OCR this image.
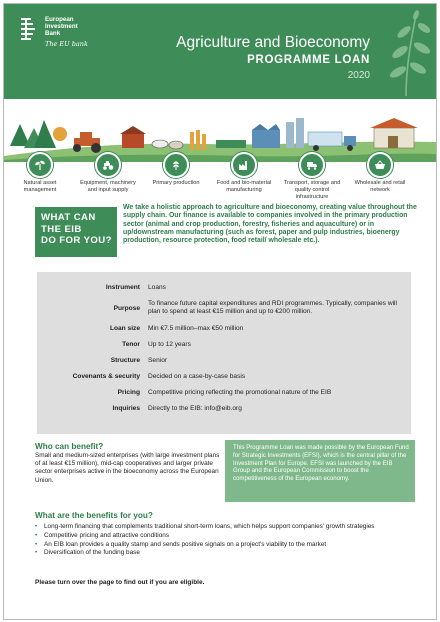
European
Investment
Bank
The EU bank	Agriculture and Bioeconomy
PROGRAMME LOAN
2020
Natural asset management
Equipment, machinery and input supply
Primary production	Food and bio-material manufacturing
Transport, storage and quality control infrastructure
Wholesale and retail network
WHAT CAN
THE EIB
DO FOR YOU?
We take a holistic approach to agriculture and bioeconomy, creating value throughout the supply chain. Our finance is available to companies involved in the primary production sector (animal and crop production, forestry, fisheries and aquaculture) or in up/downstream manufacturing (such as forest, paper and pulp industries, bioenergy production, resource protection, food retail/ wholesale etc.).
Instrument Loans
Purpose
To finance future capital expenditures and RDI programmes. Typically, companies will plan to spend at least €15 million and up to €200 million.
Loan size Min €7.5 million–max €50 million
Tenor Up to 12 years
Structure Senior
Covenants & security Decided on a case-by-case basis
Pricing Competitive pricing reflecting the promotional nature of the EIB
Inquiries Directly to the EIB: info@eib.org
Who can benefit?
Small and medium-sized enterprises (with large investment plans of at least €15 million), mid-cap cooperatives and larger private sector enterprises active in the bioeconomy across the European Union.
This Programme Loan was made possible by the European Fund for Strategic Investments (EFSI), which is the central pillar of the Investment Plan for Europe. EFSI was launched by the EIB Group and the European Commission to boost the competitiveness of the European economy.
What are the benefits for you?
• Long-term financing that complements traditional short-term loans, which helps support companies' growth strategies
• Competitive pricing and attractive conditions
• An EIB loan provides a quality stamp and sends positive signals on a project's viability to the market
• Diversification of the funding base
Please turn over the page to find out if you are eligible.
